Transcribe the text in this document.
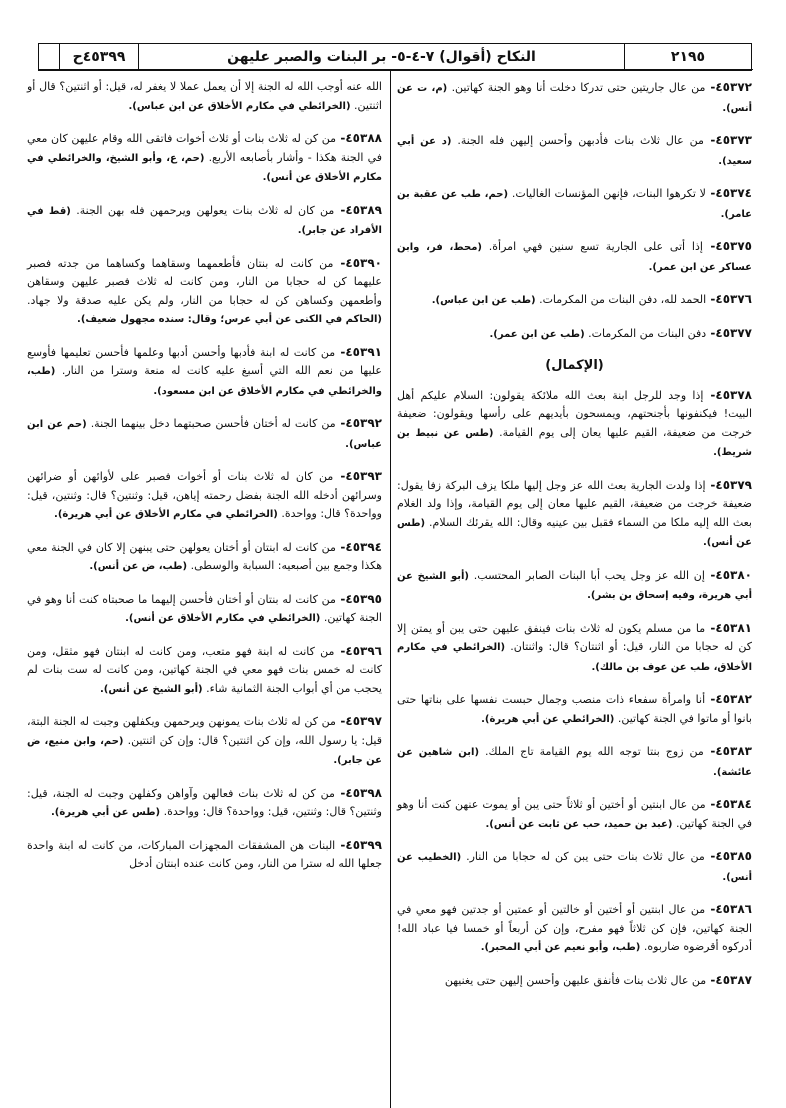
٢١٩٥
النكاح (أقوال) ٧-٤-٥- بر البنات والصبر عليهن
٤٥٣٩٩ح
٤٥٣٧٢- من عال جاريتين حتى تدركا دخلت أنا وهو الجنة كهاتين. (م، ت عن أنس).
٤٥٣٧٣- من عال ثلاث بنات فأدبهن وأحسن إليهن فله الجنة. (د عن أبي سعيد).
٤٥٣٧٤- لا تكرهوا البنات، فإنهن المؤنسات الغاليات. (حم، طب عن عقبة بن عامر).
٤٥٣٧٥- إذا أتى على الجارية تسع سنين فهي امرأة. (محط، فر، وابن عساكر عن ابن عمر).
٤٥٣٧٦- الحمد لله، دفن البنات من المكرمات. (طب عن ابن عباس).
٤٥٣٧٧- دفن البنات من المكرمات. (طب عن ابن عمر).
(الإكمال)
٤٥٣٧٨- إذا وجد للرجل ابنة بعث الله ملائكة يقولون: السلام عليكم أهل البيت! فيكنفونها بأجنحتهم، ويمسحون بأيديهم على رأسها ويقولون: ضعيفة خرجت من ضعيفة، القيم عليها يعان إلى يوم القيامة. (طس عن نبيط بن شريط).
٤٥٣٧٩- إذا ولدت الجارية بعث الله عز وجل إليها ملكا يزف البركة زفا يقول: ضعيفة خرجت من ضعيفة، القيم عليها معان إلى يوم القيامة، وإذا ولد الغلام بعث الله إليه ملكا من السماء فقبل بين عينيه وقال: الله يقرئك السلام. (طس عن أنس).
٤٥٣٨٠- إن الله عز وجل يحب أبا البنات الصابر المحتسب. (أبو الشيخ عن أبي هريرة، وفيه إسحاق بن بشر).
٤٥٣٨١- ما من مسلم يكون له ثلاث بنات فينفق عليهن حتى يبن أو يمتن إلا كن له حجابا من النار، قيل: أو اثنتان؟ قال: واثنتان. (الخرائطي في مكارم الأخلاق، طب عن عوف بن مالك).
٤٥٣٨٢- أنا وامرأة سفعاء ذات منصب وجمال حبست نفسها على بناتها حتى بانوا أو ماتوا في الجنة كهاتين. (الخرائطي عن أبي هريرة).
٤٥٣٨٣- من زوج بنتا توجه الله يوم القيامة تاج الملك. (ابن شاهين عن عائشة).
٤٥٣٨٤- من عال ابنتين أو أختين أو ثلاثاً حتى يبن أو يموت عنهن كنت أنا وهو في الجنة كهاتين. (عبد بن حميد، حب عن ثابت عن أنس).
٤٥٣٨٥- من عال ثلاث بنات حتى يبن كن له حجابا من النار. (الخطيب عن أنس).
٤٥٣٨٦- من عال ابنتين أو أختين أو خالتين أو عمتين أو جدتين فهو معي في الجنة كهاتين، فإن كن ثلاثاً فهو مفرح، وإن كن أربعاً أو خمسا فيا عباد الله! أدركوه أقرضوه ضاربوه. (طب، وأبو نعيم عن أبي المحبر).
٤٥٣٨٧- من عال ثلاث بنات فأنفق عليهن وأحسن إليهن حتى يغنيهن
الله عنه أوجب الله له الجنة إلا أن يعمل عملا لا يغفر له، قيل: أو اثنتين؟ قال أو اثنتين. (الخرائطي في مكارم الأخلاق عن ابن عباس).
٤٥٣٨٨- من كن له ثلاث بنات أو ثلاث أخوات فاتقى الله وقام عليهن كان معي في الجنة هكذا - وأشار بأصابعه الأربع. (حم، ع، وأبو الشيخ، والخرائطي في مكارم الأخلاق عن أنس).
٤٥٣٨٩- من كان له ثلاث بنات يعولهن ويرحمهن فله بهن الجنة. (قط في الأفراد عن جابر).
٤٥٣٩٠- من كانت له بنتان فأطعمهما وسقاهما وكساهما من جدته فصبر عليهما كن له حجابا من النار، ومن كانت له ثلاث فصبر عليهن وسقاهن وأطعمهن وكساهن كن له حجابا من النار، ولم يكن عليه صدقة ولا جهاد. (الحاكم في الكنى عن أبي عرس؛ وقال: سنده مجهول ضعيف).
٤٥٣٩١- من كانت له ابنة فأدبها وأحسن أدبها وعلمها فأحسن تعليمها فأوسع عليها من نعم الله التي أسبغ عليه كانت له منعة وسترا من النار. (طب، والخرائطي في مكارم الأخلاق عن ابن مسعود).
٤٥٣٩٢- من كانت له أختان فأحسن صحبتهما دخل بينهما الجنة. (حم عن ابن عباس).
٤٥٣٩٣- من كان له ثلاث بنات أو أخوات فصبر على لأوائهن أو ضرائهن وسرائهن أدخله الله الجنة بفضل رحمته إياهن، قيل: وثنتين؟ قال: وثنتين، قيل: وواحدة؟ قال: وواحدة. (الخرائطي في مكارم الأخلاق عن أبي هريرة).
٤٥٣٩٤- من كانت له ابنتان أو أختان يعولهن حتى يبنهن إلا كان في الجنة معي هكذا وجمع بين أصبعيه: السبابة والوسطى. (طب، ض عن أنس).
٤٥٣٩٥- من كانت له بنتان أو أختان فأحسن إليهما ما صحبتاه كنت أنا وهو في الجنة كهاتين. (الخرائطي في مكارم الأخلاق عن أنس).
٤٥٣٩٦- من كانت له ابنة فهو متعب، ومن كانت له ابنتان فهو مثقل، ومن كانت له خمس بنات فهو معي في الجنة كهاتين، ومن كانت له ست بنات لم يحجب من أي أبواب الجنة الثمانية شاء. (أبو الشيخ عن أنس).
٤٥٣٩٧- من كن له ثلاث بنات يمونهن ويرحمهن ويكفلهن وجبت له الجنة البتة، قيل: يا رسول الله، وإن كن اثنتين؟ قال: وإن كن اثنتين. (حم، وابن منيع، ض عن جابر).
٤٥٣٩٨- من كن له ثلاث بنات فعالهن وآواهن وكفلهن وجبت له الجنة، قيل: وثنتين؟ قال: وثنتين، قيل: وواحدة؟ قال: وواحدة. (طس عن أبي هريرة).
٤٥٣٩٩- البنات هن المشفقات المجهزات المباركات، من كانت له ابنة واحدة جعلها الله له سترا من النار، ومن كانت عنده ابنتان أدخل
